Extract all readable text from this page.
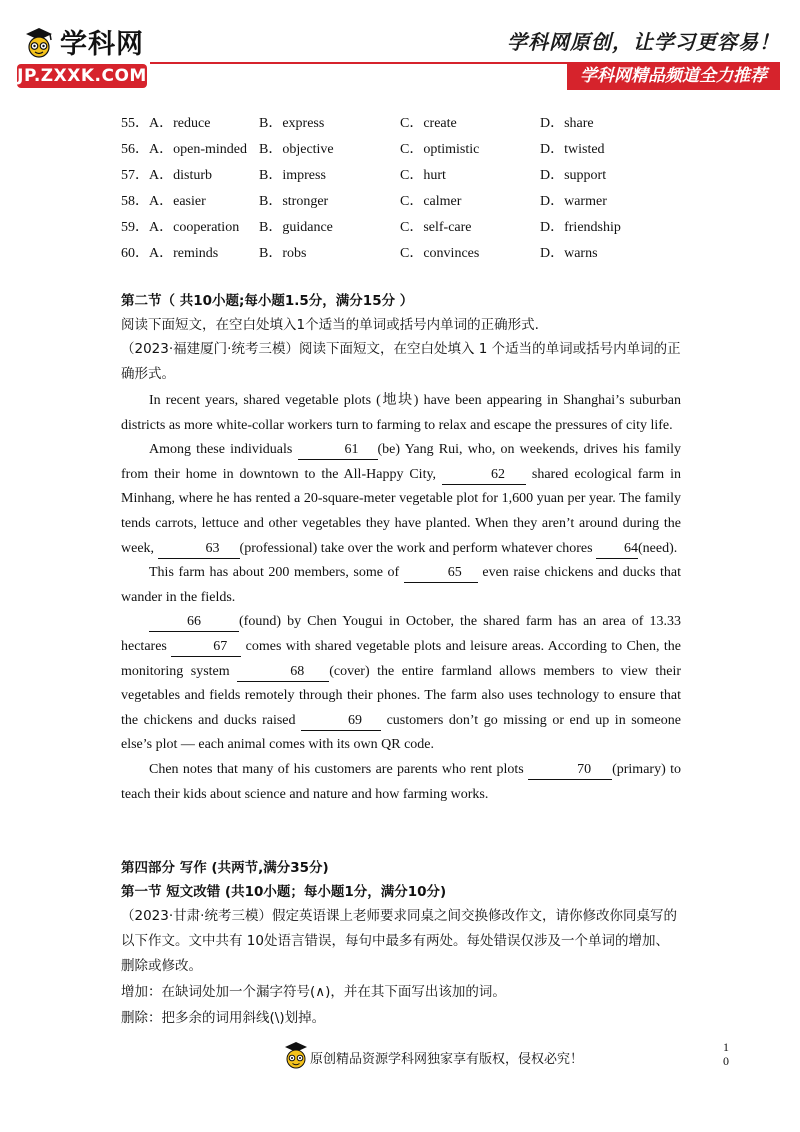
学科网
JP.ZXXK.COM
学科网原创，让学习更容易！
学科网精品频道全力推荐
55．A．reduce	B．express	C．create	D．share
56．A．open-minded B．objective	C．optimistic	D．twisted
57．A．disturb	B．impress	C．hurt	D．support
58．A．easier	B．stronger	C．calmer	D．warmer
59．A．cooperation	B．guidance	C．self-care	D．friendship
60．A．reminds	B．robs	C．convinces	D．warns
第二节（ 共10小题;每小题1.5分，满分15分 ）
阅读下面短文，在空白处填入1个适当的单词或括号内单词的正确形式.
（2023·福建厦门·统考三模）阅读下面短文，在空白处填入 1 个适当的单词或括号内单词的正确形式。
In recent years, shared vegetable plots (地块) have been appearing in Shanghai’s suburban districts as more white-collar workers turn to farming to relax and escape the pressures of city life.
Among these individuals	61 (be) Yang Rui, who, on weekends, drives his family from their home in downtown to the All-Happy City,	62 shared ecological farm in Minhang, where he has rented a 20-square-meter vegetable plot for 1,600 yuan per year. The family tends carrots, lettuce and other vegetables they have planted. When they aren’t around during the week,	63 (professional) take over the work and perform whatever chores 64(need).
This farm has about 200 members, some of	65 even raise chickens and ducks that wander in the fields.
66	(found) by Chen Yougui in October, the shared farm has an area of 13.33 hectares	67 comes with shared vegetable plots and leisure areas. According to Chen, the monitoring system	68 (cover) the entire farmland allows members to view their vegetables and fields remotely through their phones. The farm also uses technology to ensure that the chickens and ducks raised	69 customers don’t go missing or end up in someone else’s plot — each animal comes with its own QR code.
Chen notes that many of his customers are parents who rent plots	70 (primary) to teach their kids about science and nature and how farming works.
第四部分 写作 (共两节,满分35分)
第一节 短文改错 (共10小题；每小题1分，满分10分)
（2023·甘肃·统考三模）假定英语课上老师要求同桌之间交换修改作文，请你修改你同桌写的以下作文。文中共有 10处语言错误，每句中最多有两处。每处错误仅涉及一个单词的增加、删除或修改。
增加：在缺词处加一个漏字符号(∧)，并在其下面写出该加的词。
删除：把多余的词用斜线(\)划掉。
原创精品资源学科网独家享有版权，侵权必究！
1
0
